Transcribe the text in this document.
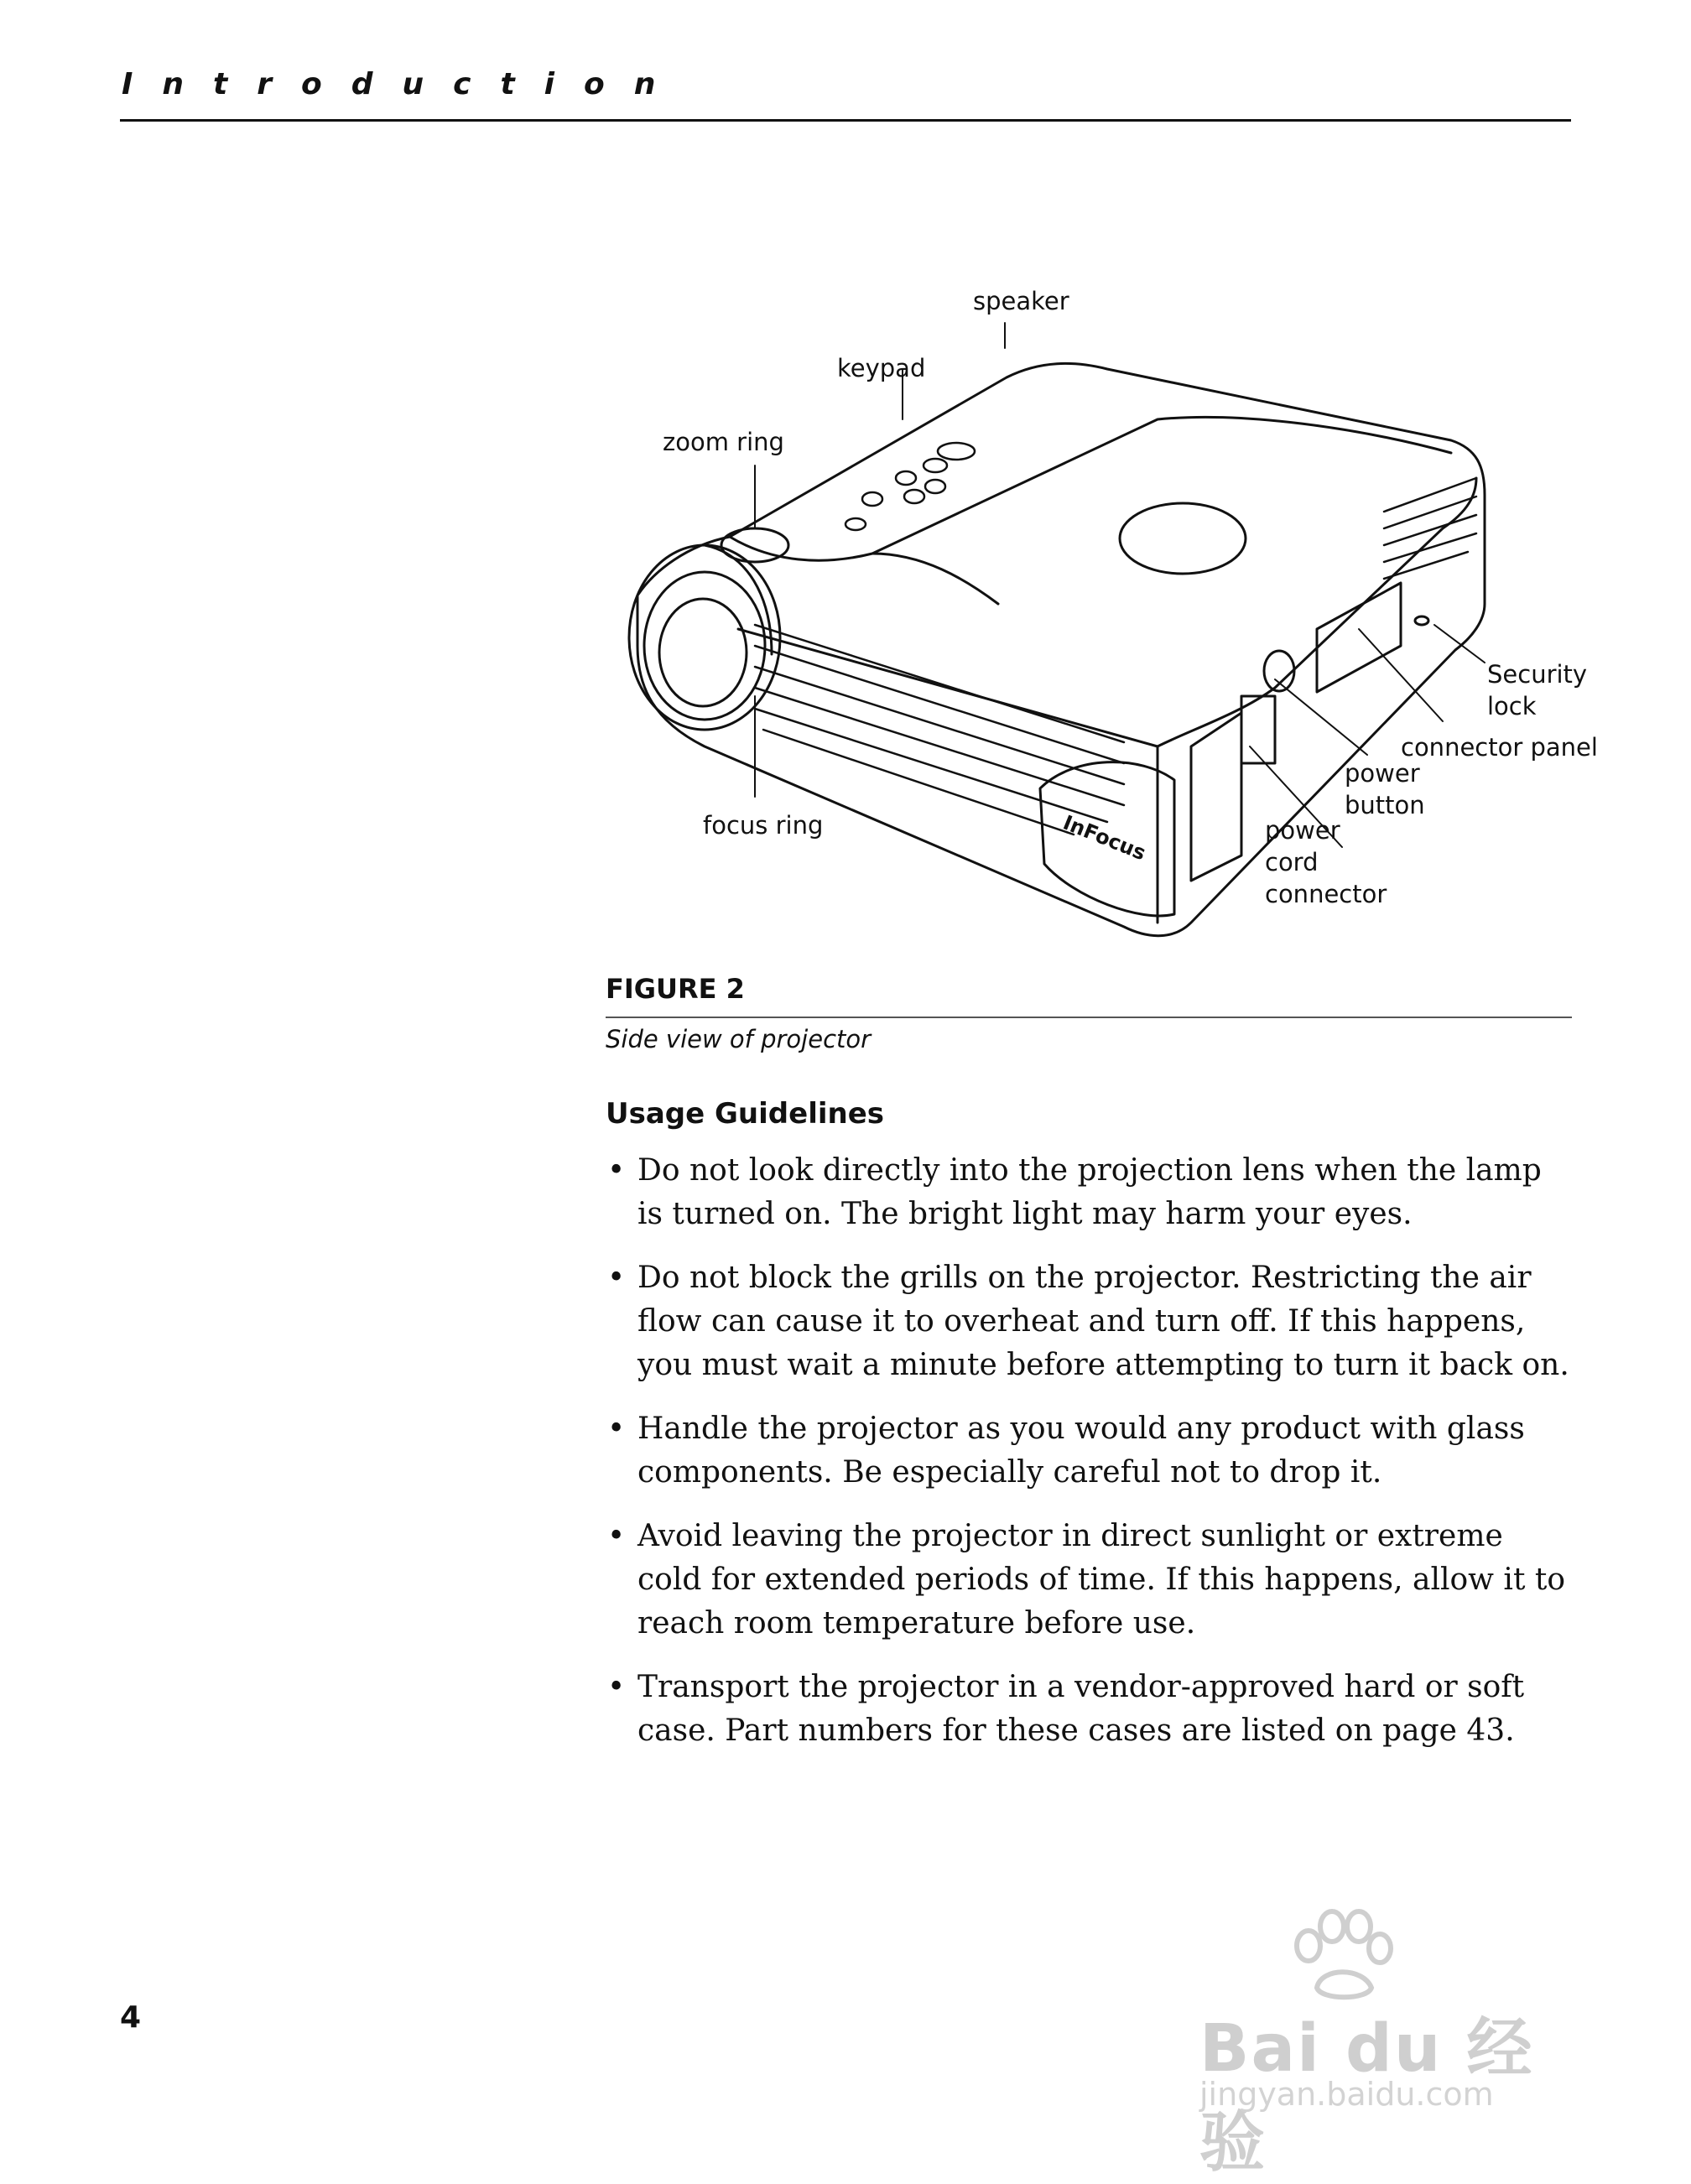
Introduction
speaker
keypad
zoom ring
focus ring
Security
lock
connector panel
power
button
power
cord
connector
InFocus
FIGURE 2
Side view of projector
Usage Guidelines
• Do not look directly into the projection lens when the lamp is turned on. The bright light may harm your eyes.
• Do not block the grills on the projector. Restricting the air flow can cause it to overheat and turn off. If this happens, you must wait a minute before attempting to turn it back on.
• Handle the projector as you would any product with glass components. Be especially careful not to drop it.
• Avoid leaving the projector in direct sunlight or extreme cold for extended periods of time. If this happens, allow it to reach room temperature before use.
• Transport the projector in a vendor-approved hard or soft case. Part numbers for these cases are listed on page 43.
4	Bai du 经验
jingyan.baidu.com
